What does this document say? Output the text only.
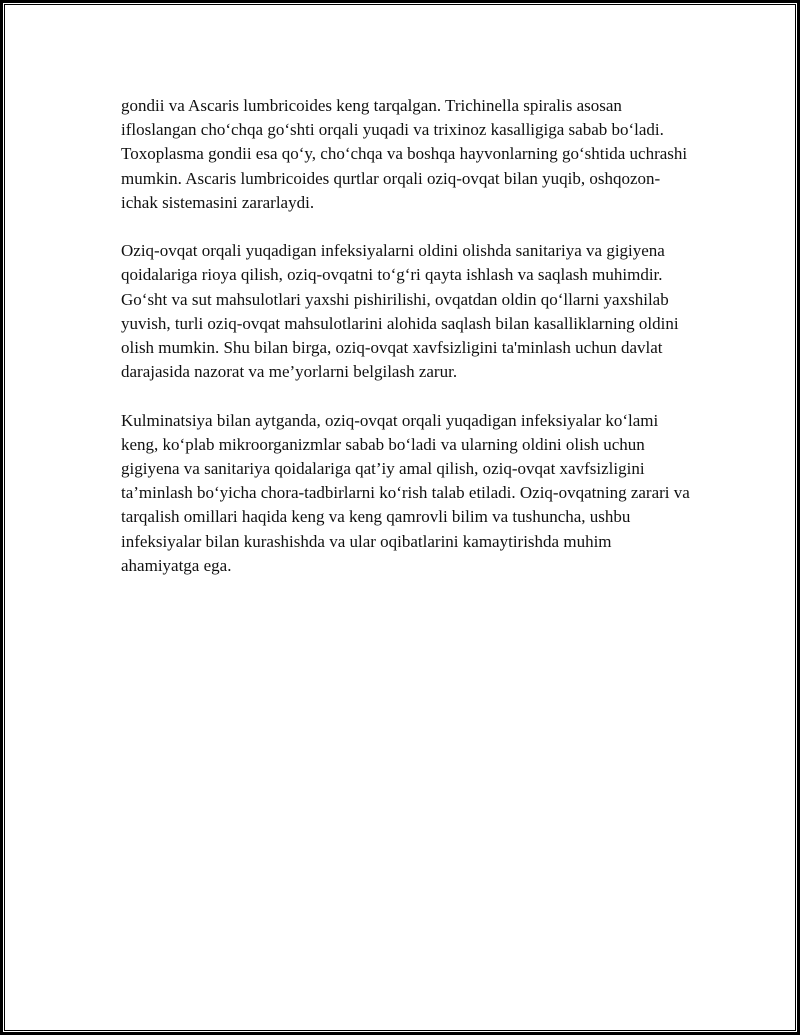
gondii va Ascaris lumbricoides keng tarqalgan. Trichinella spiralis asosan ifloslangan cho‘chqa go‘shti orqali yuqadi va trixinoz kasalligiga sabab bo‘ladi. Toxoplasma gondii esa qo‘y, cho‘chqa va boshqa hayvonlarning go‘shtida uchrashi mumkin. Ascaris lumbricoides qurtlar orqali oziq-ovqat bilan yuqib, oshqozon-ichak sistemasini zararlaydi.

Oziq-ovqat orqali yuqadigan infeksiyalarni oldini olishda sanitariya va gigiyena qoidalariga rioya qilish, oziq-ovqatni to‘g‘ri qayta ishlash va saqlash muhimdir. Go‘sht va sut mahsulotlari yaxshi pishirilishi, ovqatdan oldin qo‘llarni yaxshilab yuvish, turli oziq-ovqat mahsulotlarini alohida saqlash bilan kasalliklarning oldini olish mumkin. Shu bilan birga, oziq-ovqat xavfsizligini ta'minlash uchun davlat darajasida nazorat va me’yorlarni belgilash zarur.

Kulminatsiya bilan aytganda, oziq-ovqat orqali yuqadigan infeksiyalar ko‘lami keng, ko‘plab mikroorganizmlar sabab bo‘ladi va ularning oldini olish uchun gigiyena va sanitariya qoidalariga qat’iy amal qilish, oziq-ovqat xavfsizligini ta’minlash bo‘yicha chora-tadbirlarni ko‘rish talab etiladi. Oziq-ovqatning zarari va tarqalish omillari haqida keng va keng qamrovli bilim va tushuncha, ushbu infeksiyalar bilan kurashishda va ular oqibatlarini kamaytirishda muhim ahamiyatga ega.
